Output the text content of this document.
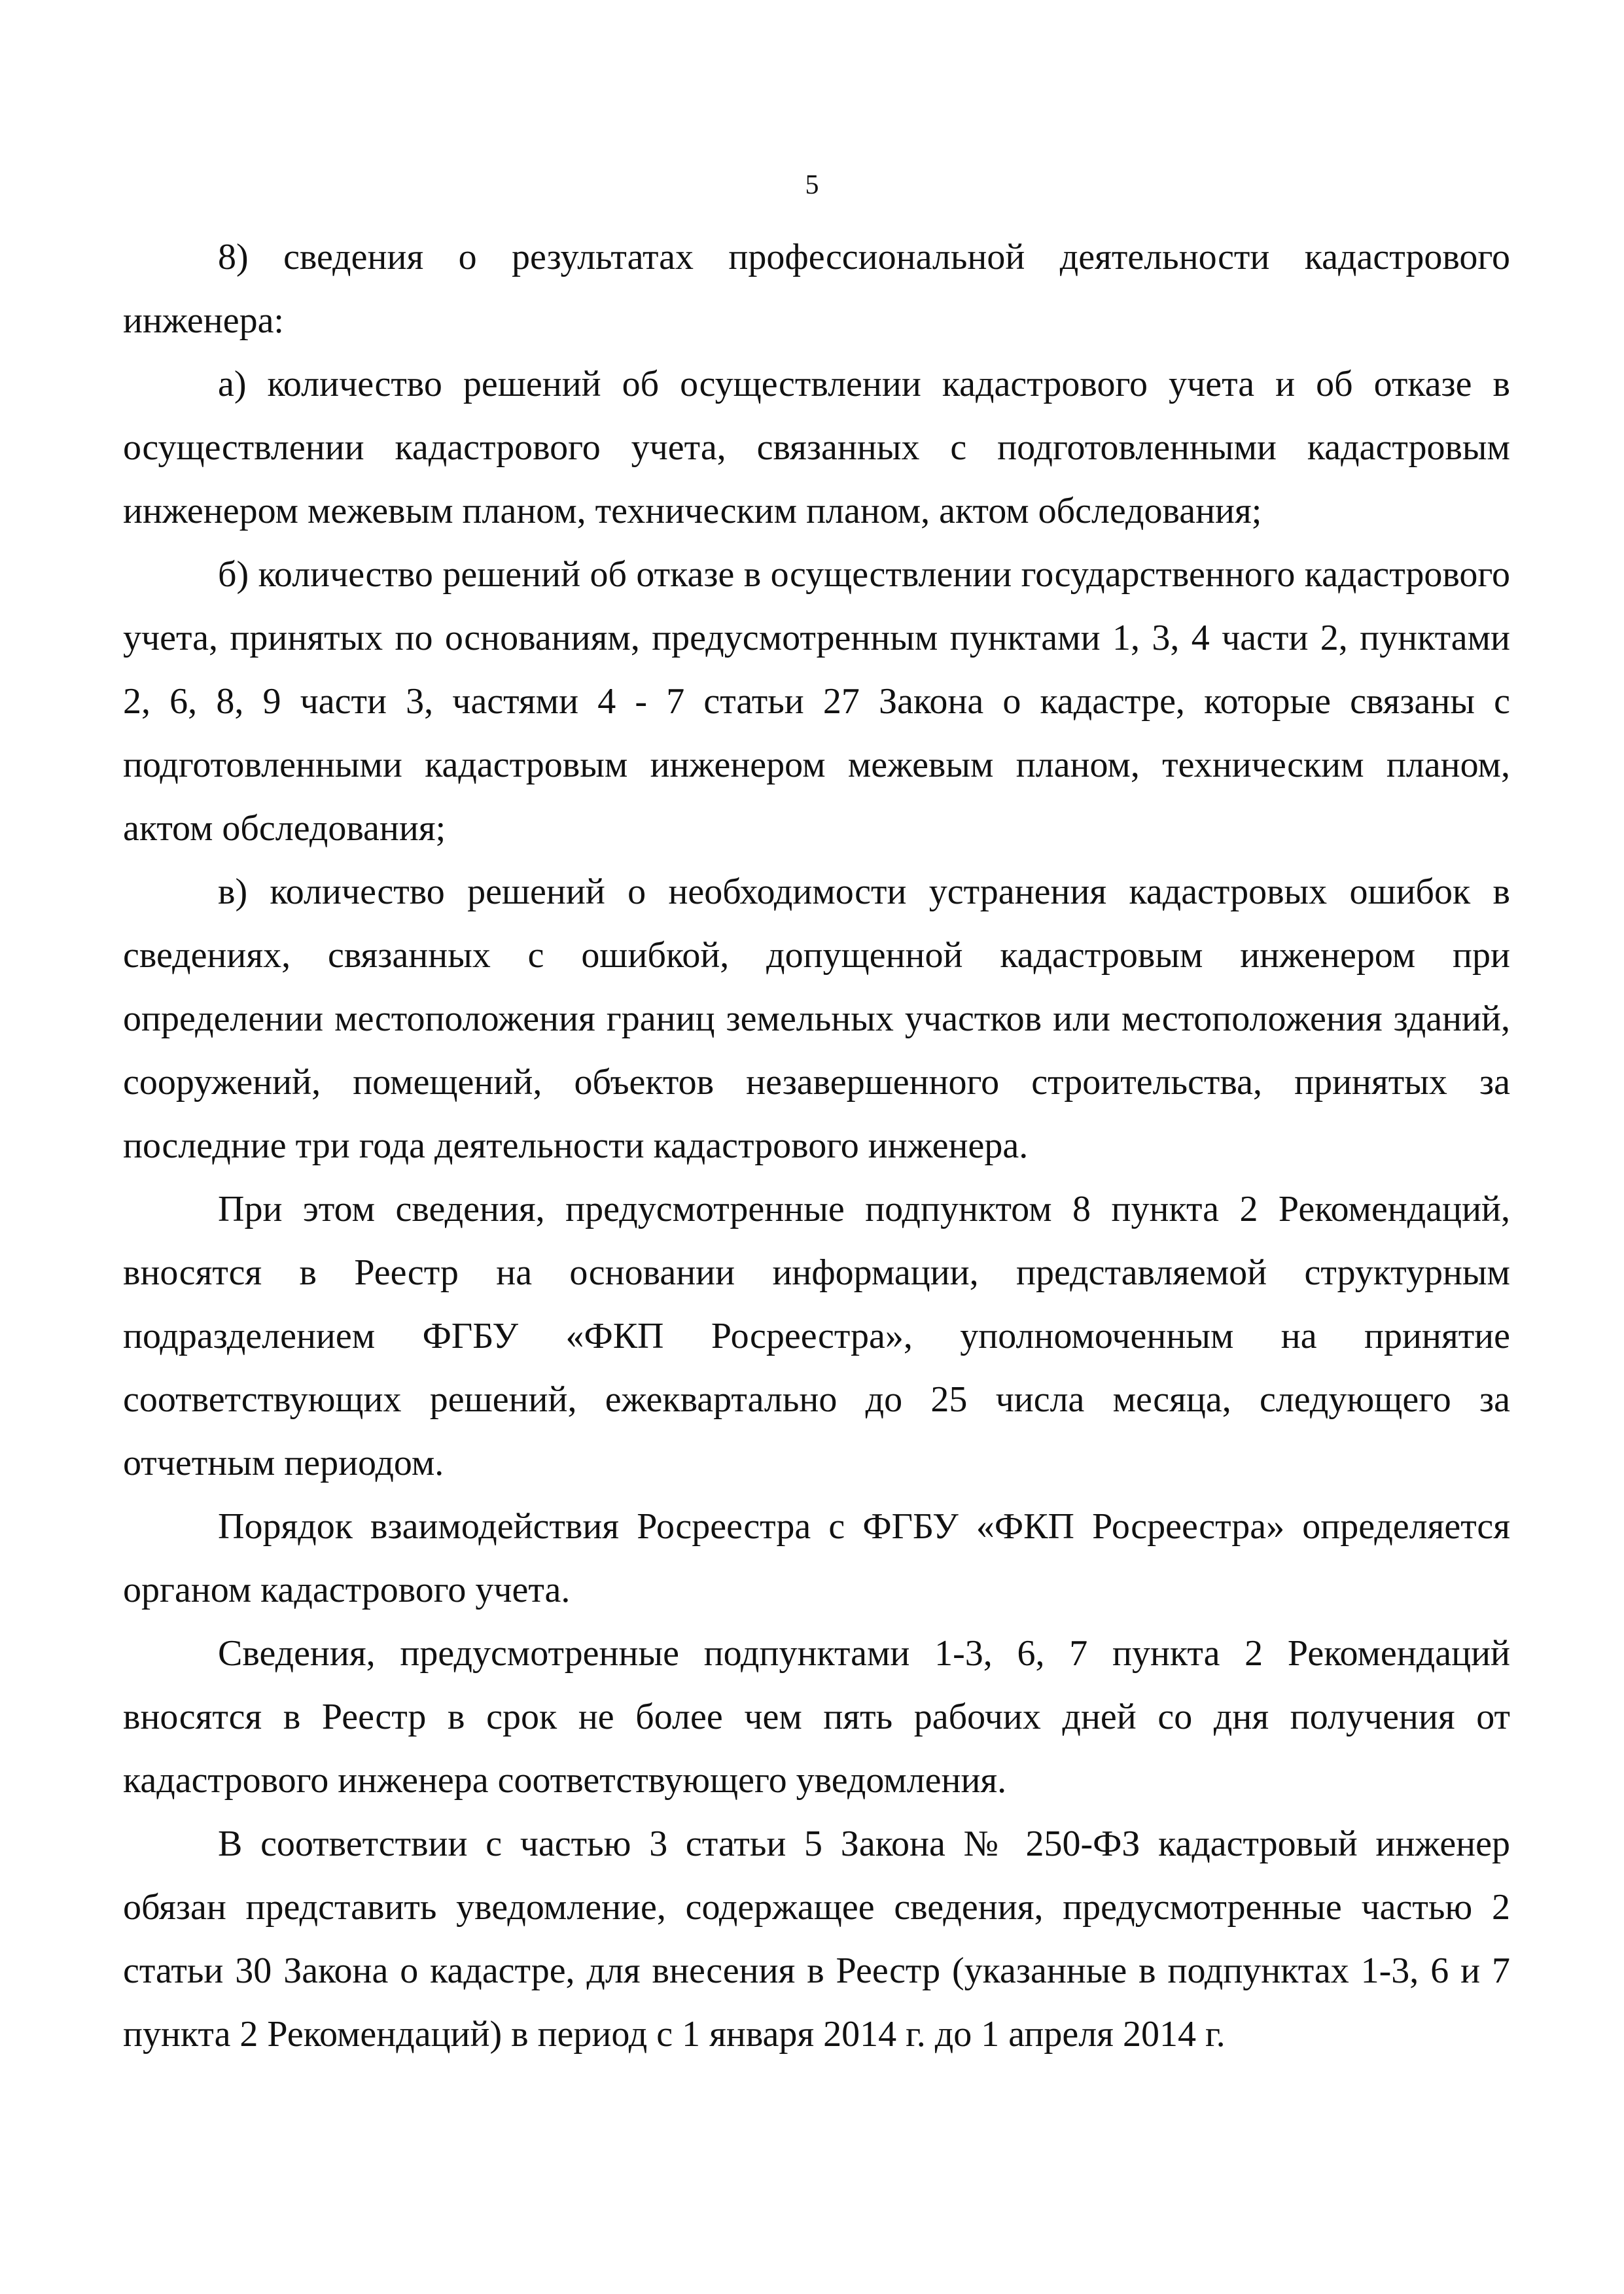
5

8) сведения о результатах профессиональной деятельности кадастрового инженера:

а) количество решений об осуществлении кадастрового учета и об отказе в осуществлении кадастрового учета, связанных с подготовленными кадастровым инженером межевым планом, техническим планом, актом обследования;

б) количество решений об отказе в осуществлении государственного кадастрового учета, принятых по основаниям, предусмотренным пунктами 1, 3, 4 части 2, пунктами 2, 6, 8, 9 части 3, частями 4 - 7 статьи 27 Закона о кадастре, которые связаны с подготовленными кадастровым инженером межевым планом, техническим планом, актом обследования;

в) количество решений о необходимости устранения кадастровых ошибок в сведениях, связанных с ошибкой, допущенной кадастровым инженером при определении местоположения границ земельных участков или местоположения зданий, сооружений, помещений, объектов незавершенного строительства, принятых за последние три года деятельности кадастрового инженера.

При этом сведения, предусмотренные подпунктом 8 пункта 2 Рекомендаций, вносятся в Реестр на основании информации, представляемой структурным подразделением ФГБУ «ФКП Росреестра», уполномоченным на принятие соответствующих решений, ежеквартально до 25 числа месяца, следующего за отчетным периодом.

Порядок взаимодействия Росреестра с ФГБУ «ФКП Росреестра» определяется органом кадастрового учета.

Сведения, предусмотренные подпунктами 1-3, 6, 7 пункта 2 Рекомендаций вносятся в Реестр в срок не более чем пять рабочих дней со дня получения от кадастрового инженера соответствующего уведомления.

В соответствии с частью 3 статьи 5 Закона № 250-ФЗ кадастровый инженер обязан представить уведомление, содержащее сведения, предусмотренные частью 2 статьи 30 Закона о кадастре, для внесения в Реестр (указанные в подпунктах 1-3, 6 и 7 пункта 2 Рекомендаций) в период с 1 января 2014 г. до 1 апреля 2014 г.
